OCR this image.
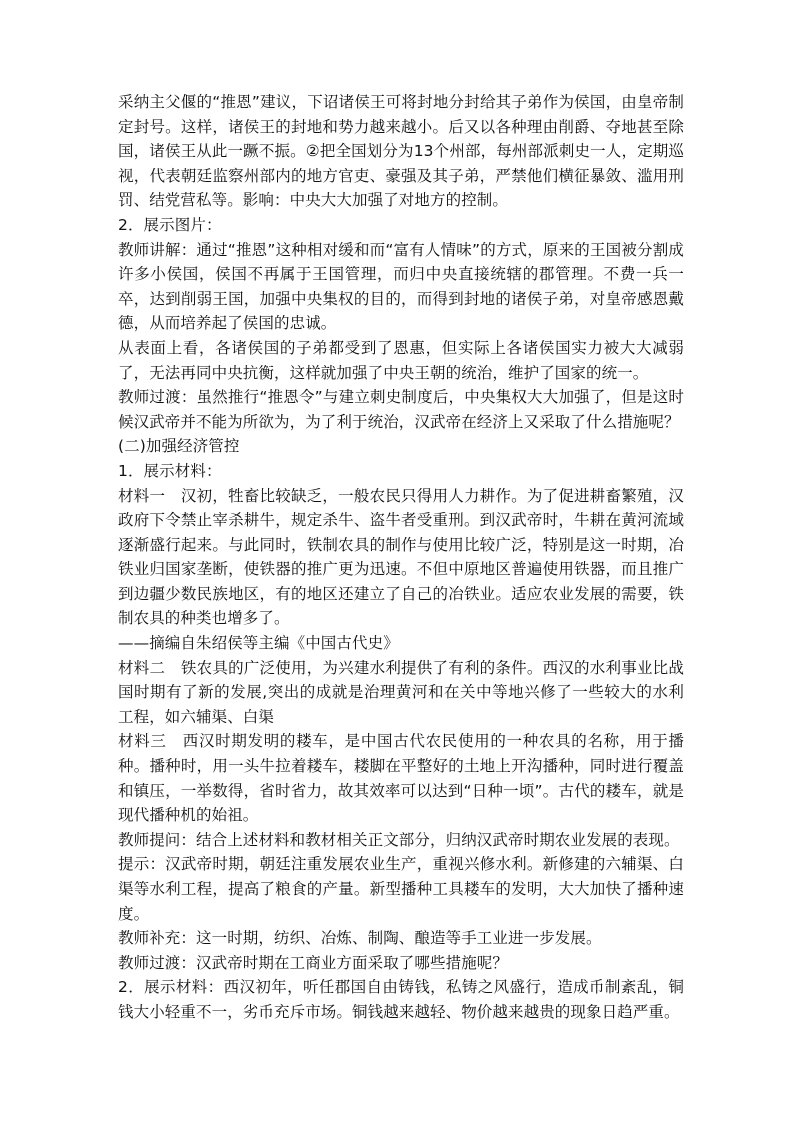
采纳主父偃的“推恩”建议，下诏诸侯王可将封地分封给其子弟作为侯国，由皇帝制定封号。这样，诸侯王的封地和势力越来越小。后又以各种理由削爵、夺地甚至除国，诸侯王从此一蹶不振。②把全国划分为13个州部，每州部派刺史一人，定期巡视，代表朝廷监察州部内的地方官吏、豪强及其子弟，严禁他们横征暴敛、滥用刑罚、结党营私等。影响：中央大大加强了对地方的控制。

2．展示图片：

教师讲解：通过“推恩”这种相对缓和而“富有人情味”的方式，原来的王国被分割成许多小侯国，侯国不再属于王国管理，而归中央直接统辖的郡管理。不费一兵一卒，达到削弱王国，加强中央集权的目的，而得到封地的诸侯子弟，对皇帝感恩戴德，从而培养起了侯国的忠诚。

从表面上看，各诸侯国的子弟都受到了恩惠，但实际上各诸侯国实力被大大减弱了，无法再同中央抗衡，这样就加强了中央王朝的统治，维护了国家的统一。

教师过渡：虽然推行“推恩令”与建立刺史制度后，中央集权大大加强了，但是这时候汉武帝并不能为所欲为，为了利于统治，汉武帝在经济上又采取了什么措施呢？

(二)加强经济管控

1．展示材料：

材料一　汉初，牲畜比较缺乏，一般农民只得用人力耕作。为了促进耕畜繁殖，汉政府下令禁止宰杀耕牛，规定杀牛、盗牛者受重刑。到汉武帝时，牛耕在黄河流域逐渐盛行起来。与此同时，铁制农具的制作与使用比较广泛，特别是这一时期，冶铁业归国家垄断，使铁器的推广更为迅速。不但中原地区普遍使用铁器，而且推广到边疆少数民族地区，有的地区还建立了自己的冶铁业。适应农业发展的需要，铁制农具的种类也增多了。

——摘编自朱绍侯等主编《中国古代史》

材料二　铁农具的广泛使用，为兴建水利提供了有利的条件。西汉的水利事业比战国时期有了新的发展,突出的成就是治理黄河和在关中等地兴修了一些较大的水利工程，如六辅渠、白渠

材料三　西汉时期发明的耧车，是中国古代农民使用的一种农具的名称，用于播种。播种时，用一头牛拉着耧车，耧脚在平整好的土地上开沟播种，同时进行覆盖和镇压，一举数得，省时省力，故其效率可以达到“日种一顷”。古代的耧车，就是现代播种机的始祖。

教师提问：结合上述材料和教材相关正文部分，归纳汉武帝时期农业发展的表现。

提示：汉武帝时期，朝廷注重发展农业生产，重视兴修水利。新修建的六辅渠、白渠等水利工程，提高了粮食的产量。新型播种工具耧车的发明，大大加快了播种速度。

教师补充：这一时期，纺织、冶炼、制陶、酿造等手工业进一步发展。

教师过渡：汉武帝时期在工商业方面采取了哪些措施呢？

2．展示材料：西汉初年，听任郡国自由铸钱，私铸之风盛行，造成币制紊乱，铜钱大小轻重不一，劣币充斥市场。铜钱越来越轻、物价越来越贵的现象日趋严重。
